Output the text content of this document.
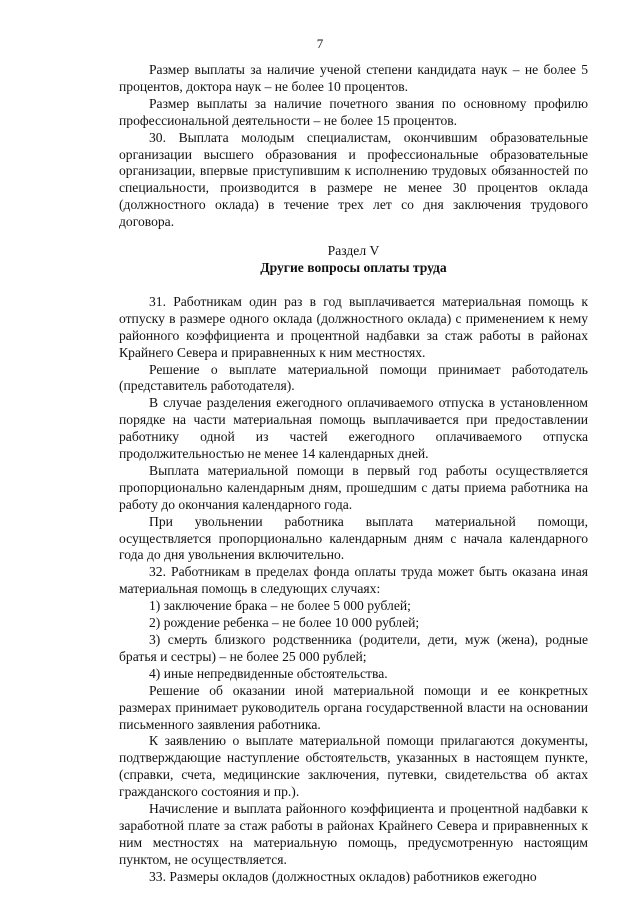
7

Размер выплаты за наличие ученой степени кандидата наук – не более 5 процентов, доктора наук – не более 10 процентов.

Размер выплаты за наличие почетного звания по основному профилю профессиональной деятельности – не более 15 процентов.

30. Выплата молодым специалистам, окончившим образовательные организации высшего образования и профессиональные образовательные организации, впервые приступившим к исполнению трудовых обязанностей по специальности, производится в размере не менее 30 процентов оклада (должностного оклада) в течение трех лет со дня заключения трудового договора.

Раздел V

Другие вопросы оплаты труда

31. Работникам один раз в год выплачивается материальная помощь к отпуску в размере одного оклада (должностного оклада) с применением к нему районного коэффициента и процентной надбавки за стаж работы в районах Крайнего Севера и приравненных к ним местностях.

Решение о выплате материальной помощи принимает работодатель (представитель работодателя).

В случае разделения ежегодного оплачиваемого отпуска в установленном порядке на части материальная помощь выплачивается при предоставлении работнику одной из частей ежегодного оплачиваемого отпуска продолжительностью не менее 14 календарных дней.

Выплата материальной помощи в первый год работы осуществляется пропорционально календарным дням, прошедшим с даты приема работника на работу до окончания календарного года.

При увольнении работника выплата материальной помощи, осуществляется пропорционально календарным дням с начала календарного года до дня увольнения включительно.

32. Работникам в пределах фонда оплаты труда может быть оказана иная материальная помощь в следующих случаях:

1) заключение брака – не более 5 000 рублей;

2) рождение ребенка – не более 10 000 рублей;

3) смерть близкого родственника (родители, дети, муж (жена), родные братья и сестры) – не более 25 000 рублей;

4) иные непредвиденные обстоятельства.

Решение об оказании иной материальной помощи и ее конкретных размерах принимает руководитель органа государственной власти на основании письменного заявления работника.

К заявлению о выплате материальной помощи прилагаются документы, подтверждающие наступление обстоятельств, указанных в настоящем пункте, (справки, счета, медицинские заключения, путевки, свидетельства об актах гражданского состояния и пр.).

Начисление и выплата районного коэффициента и процентной надбавки к заработной плате за стаж работы в районах Крайнего Севера и приравненных к ним местностях на материальную помощь, предусмотренную настоящим пунктом, не осуществляется.

33. Размеры окладов (должностных окладов) работников ежегодно
